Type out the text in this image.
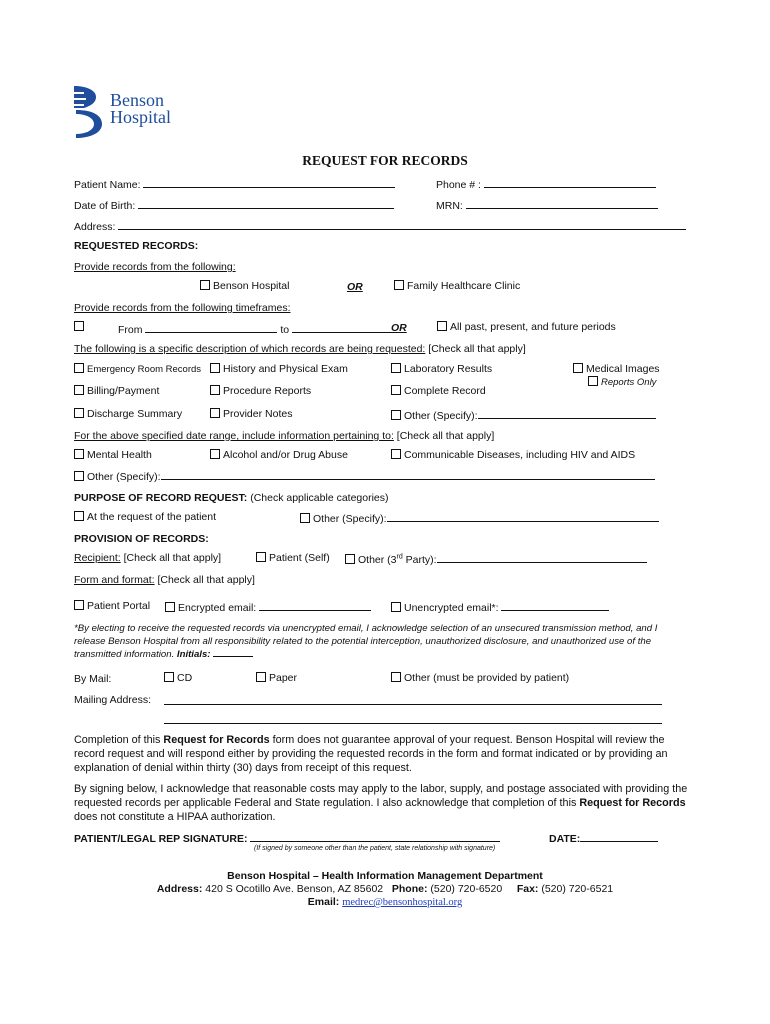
Benson
Hospital
REQUEST FOR RECORDS
Patient Name:	Phone # :
Date of Birth:	MRN:
Address:
REQUESTED RECORDS:
Provide records from the following:
Benson Hospital	OR	Family Healthcare Clinic
Provide records from the following timeframes:
From	to	OR	All past, present, and future periods
The following is a specific description of which records are being requested: [Check all that apply]
Emergency Room Records	History and Physical Exam	Laboratory Results	Medical Images
Reports Only
Billing/Payment	Procedure Reports	Complete Record
Discharge Summary	Provider Notes	Other (Specify):
For the above specified date range, include information pertaining to: [Check all that apply]
Mental Health	Alcohol and/or Drug Abuse	Communicable Diseases, including HIV and AIDS
Other (Specify):
PURPOSE OF RECORD REQUEST: (Check applicable categories)
At the request of the patient	Other (Specify):
PROVISION OF RECORDS:
Recipient: [Check all that apply]	Patient (Self)	Other (3rd Party):
Form and format: [Check all that apply]
Patient Portal	Encrypted email:	Unencrypted email*:
*By electing to receive the requested records via unencrypted email, I acknowledge selection of an unsecured transmission method, and I release Benson Hospital from all responsibility related to the potential interception, unauthorized disclosure, and unauthorized use of the transmitted information. Initials:
By Mail:	CD	Paper	Other (must be provided by patient)
Mailing Address:
Completion of this Request for Records form does not guarantee approval of your request. Benson Hospital will review the record request and will respond either by providing the requested records in the form and format indicated or by providing an explanation of denial within thirty (30) days from receipt of this request.
By signing below, I acknowledge that reasonable costs may apply to the labor, supply, and postage associated with providing the requested records per applicable Federal and State regulation. I also acknowledge that completion of this Request for Records does not constitute a HIPAA authorization.
PATIENT/LEGAL REP SIGNATURE:	DATE:
(If signed by someone other than the patient, state relationship with signature)
Benson Hospital – Health Information Management Department
Address: 420 S Ocotillo Ave. Benson, AZ 85602 Phone: (520) 720-6520 Fax: (520) 720-6521
Email: medrec@bensonhospital.org
